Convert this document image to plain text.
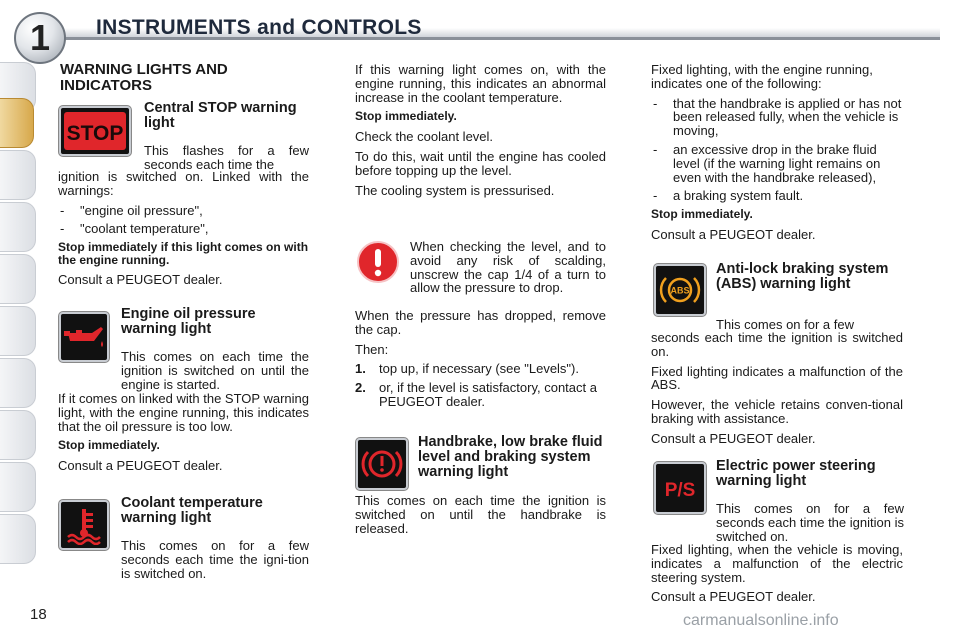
1	INSTRUMENTS and CONTROLS
WARNING LIGHTS AND INDICATORS
STOP
Central STOP warning light

This flashes for a few seconds each time the

ignition is switched on. Linked with the warnings:

- "engine oil pressure",
- "coolant temperature",

Stop immediately if this light comes on with the engine running.

Consult a PEUGEOT dealer.

Engine oil pressure warning light

This comes on each time the ignition is switched on until the engine is started.

If it comes on linked with the STOP warning light, with the engine running, this indicates that the oil pressure is too low.

Stop immediately.

Consult a PEUGEOT dealer.

Coolant temperature warning light

This comes on for a few seconds each time the igni-tion is switched on.

If this warning light comes on, with the engine running, this indicates an abnormal increase in the coolant temperature.

Stop immediately.

Check the coolant level.

To do this, wait until the engine has cooled before topping up the level.

The cooling system is pressurised.

When checking the level, and to avoid any risk of scalding, unscrew the cap 1/4 of a turn to allow the pressure to drop.

When the pressure has dropped, remove the cap.

Then:

1. top up, if necessary (see "Levels").
2. or, if the level is satisfactory, contact a PEUGEOT dealer.
Handbrake, low brake fluid level and braking system warning light

This comes on each time the ignition is switched on until the handbrake is released.

Fixed lighting, with the engine running, indicates one of the following:

- that the handbrake is applied or has not been released fully, when the vehicle is moving,
- an excessive drop in the brake fluid level (if the warning light remains on even with the handbrake released),
- a braking system fault.

Stop immediately.

Consult a PEUGEOT dealer.

ABS
Anti-lock braking system (ABS) warning light

This comes on for a few

seconds each time the ignition is switched on.

Fixed lighting indicates a malfunction of the ABS.

However, the vehicle retains conven-tional braking with assistance.

Consult a PEUGEOT dealer.

P/S
Electric power steering warning light

This comes on for a few seconds each time the ignition is switched on.

Fixed lighting, when the vehicle is moving, indicates a malfunction of the electric steering system.

Consult a PEUGEOT dealer.

18	carmanualsonline.info
